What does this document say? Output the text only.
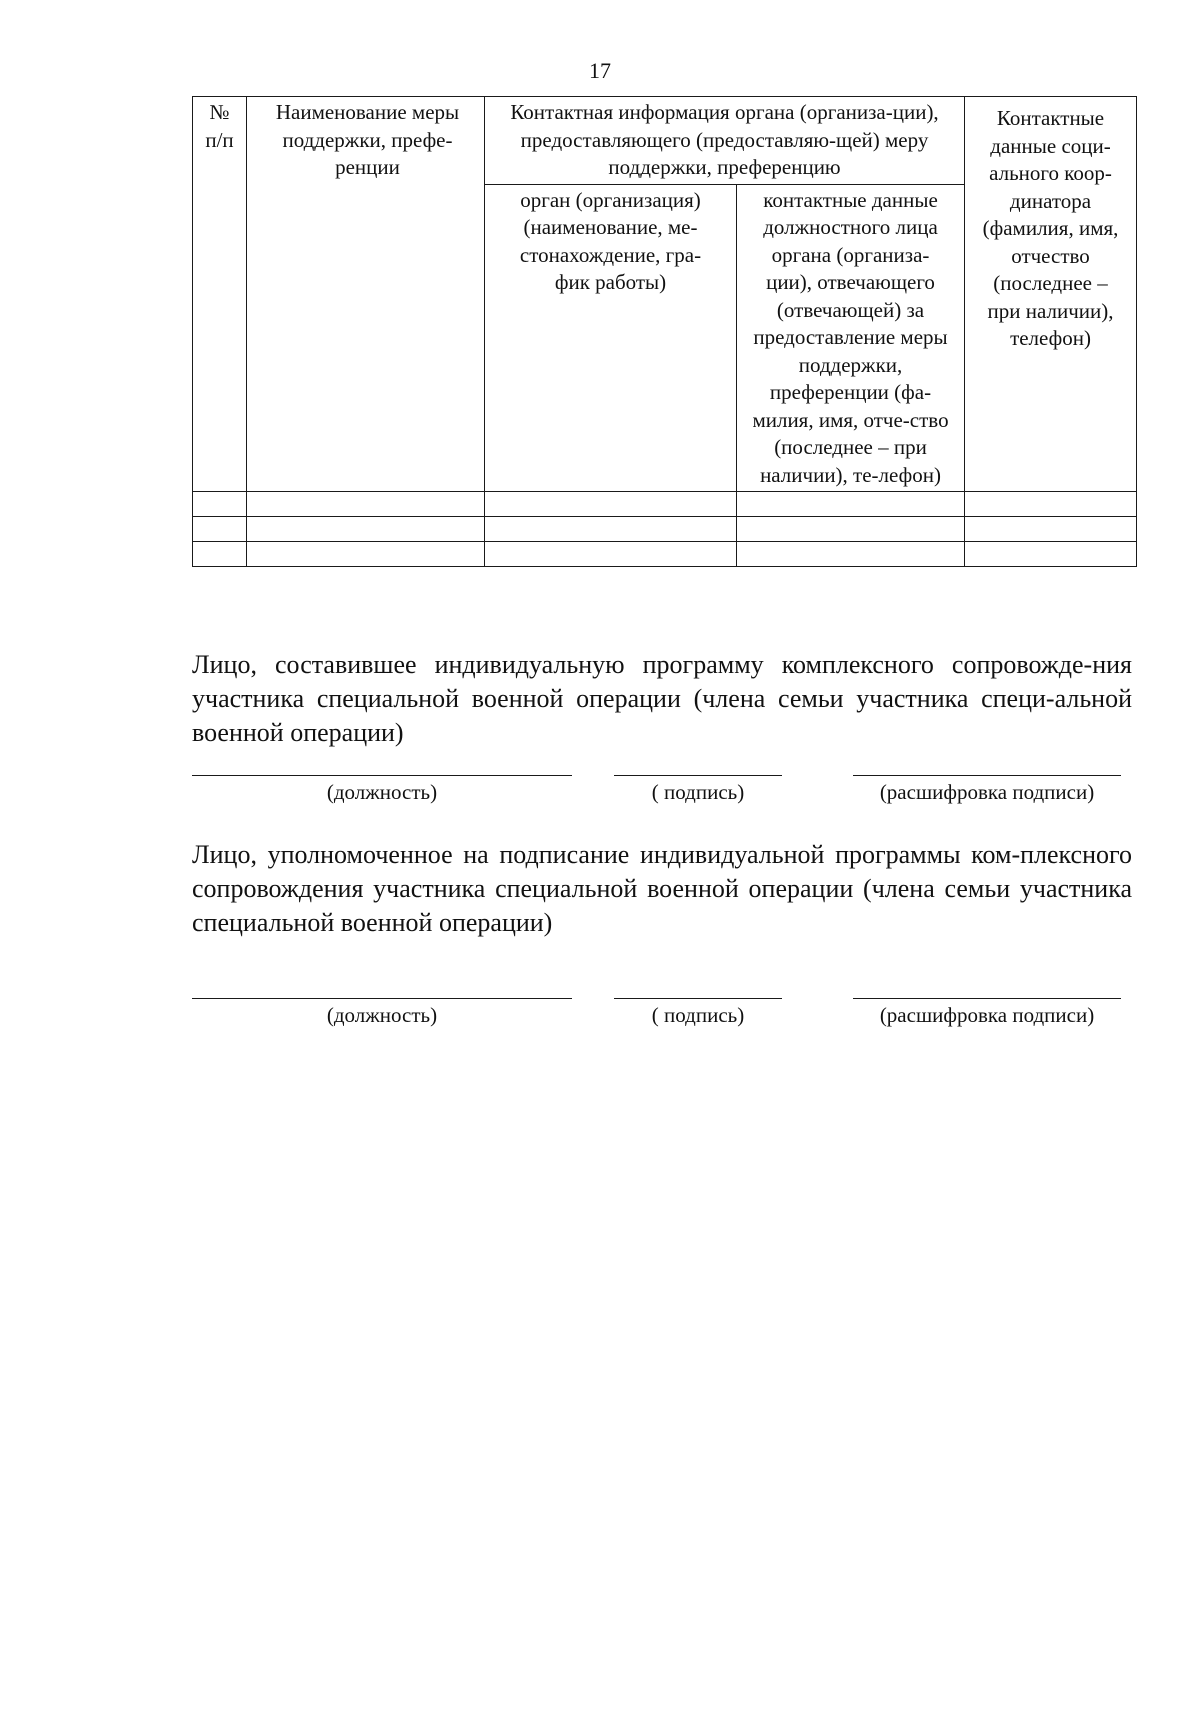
17
№ п/п	Наименование меры поддержки, префе-ренции	Контактная информация органа (организа-ции), предоставляющего (предоставляю-щей) меру поддержки, преференцию		Контактные данные соци-ального коор-динатора (фамилия, имя, отчество (последнее – при наличии), телефон)
		орган (организация) (наименование, ме-стонахождение, гра-фик работы)	контактные данные должностного лица органа (организа-ции), отвечающего (отвечающей) за предоставление меры поддержки, преференции (фа-милия, имя, отче-ство (последнее – при наличии), те-лефон)	

Лицо, составившее индивидуальную программу комплексного сопровожде-ния участника специальной военной операции (члена семьи участника специ-альной военной операции)
(должность)	( подпись)	(расшифровка подписи)
Лицо, уполномоченное на подписание индивидуальной программы ком-плексного сопровождения участника специальной военной операции (члена семьи участника специальной военной операции)
(должность)	( подпись)	(расшифровка подписи)
